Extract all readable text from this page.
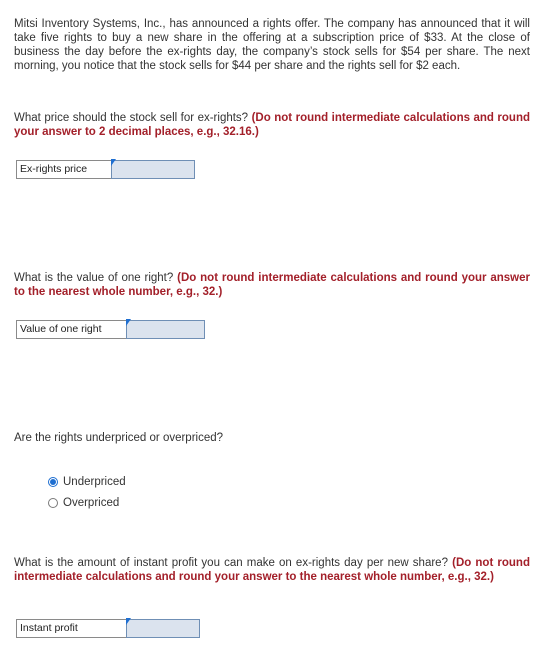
Mitsi Inventory Systems, Inc., has announced a rights offer. The company has announced that it will take five rights to buy a new share in the offering at a subscription price of $33. At the close of business the day before the ex-rights day, the company’s stock sells for $54 per share. The next morning, you notice that the stock sells for $44 per share and the rights sell for $2 each.

What price should the stock sell for ex-rights? (Do not round intermediate calculations and round your answer to 2 decimal places, e.g., 32.16.)

Ex-rights price

What is the value of one right? (Do not round intermediate calculations and round your answer to the nearest whole number, e.g., 32.)

Value of one right

Are the rights underpriced or overpriced?

Underpriced
Overpriced

What is the amount of instant profit you can make on ex-rights day per new share? (Do not round intermediate calculations and round your answer to the nearest whole number, e.g., 32.)

Instant profit
